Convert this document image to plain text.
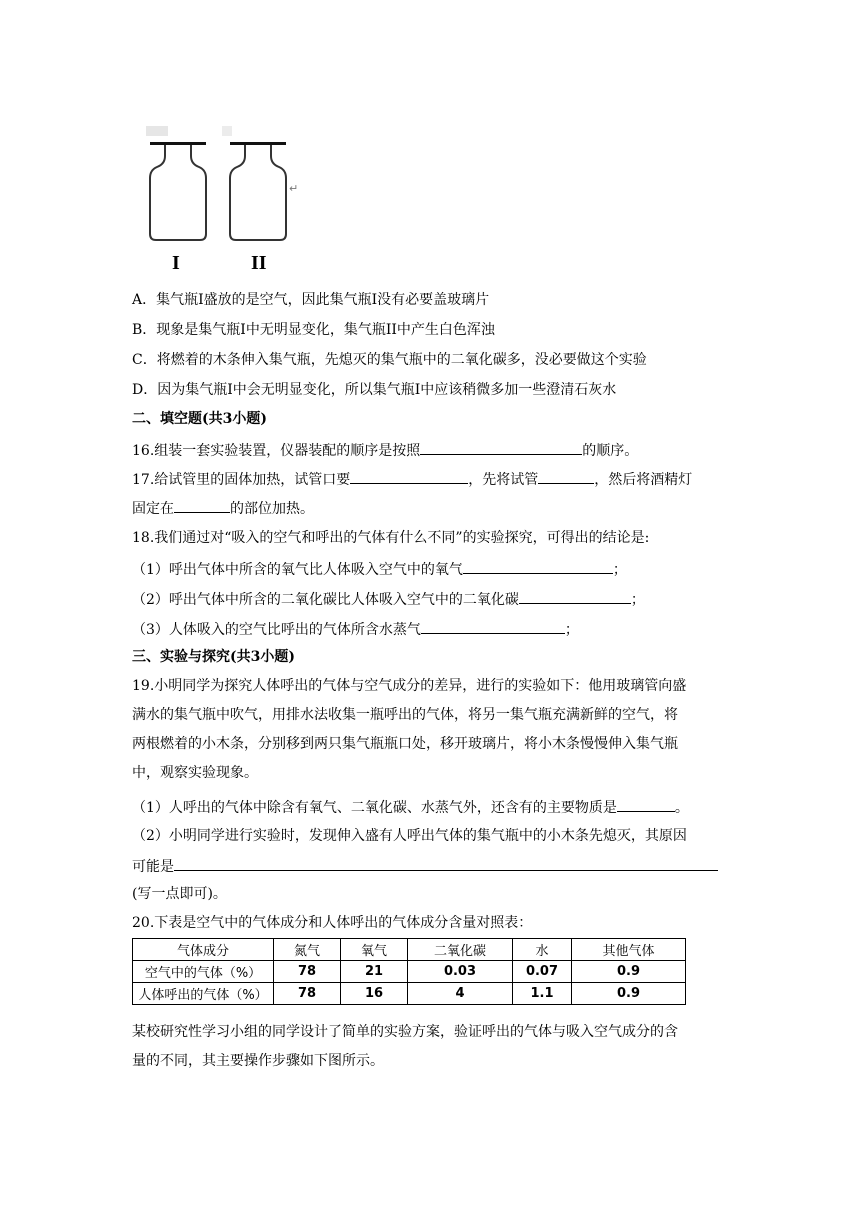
↵
I	II
A．集气瓶I盛放的是空气，因此集气瓶I没有必要盖玻璃片
B．现象是集气瓶I中无明显变化，集气瓶II中产生白色浑浊
C．将燃着的木条伸入集气瓶，先熄灭的集气瓶中的二氧化碳多，没必要做这个实验
D．因为集气瓶I中会无明显变化，所以集气瓶I中应该稍微多加一些澄清石灰水
二、填空题(共3小题)
16.组装一套实验装置，仪器装配的顺序是按照	的顺序。
17.给试管里的固体加热，试管口要	，先将试管	，然后将酒精灯
固定在	的部位加热。
18.我们通过对“吸入的空气和呼出的气体有什么不同”的实验探究，可得出的结论是:
（1）呼出气体中所含的氧气比人体吸入空气中的氧气	；
（2）呼出气体中所含的二氧化碳比人体吸入空气中的二氧化碳	；
（3）人体吸入的空气比呼出的气体所含水蒸气	；
三、实验与探究(共3小题)
19.小明同学为探究人体呼出的气体与空气成分的差异，进行的实验如下：他用玻璃管向盛
满水的集气瓶中吹气，用排水法收集一瓶呼出的气体，将另一集气瓶充满新鲜的空气，将
两根燃着的小木条，分别移到两只集气瓶瓶口处，移开玻璃片，将小木条慢慢伸入集气瓶
中，观察实验现象。
（1）人呼出的气体中除含有氧气、二氧化碳、水蒸气外，还含有的主要物质是	。
（2）小明同学进行实验时，发现伸入盛有人呼出气体的集气瓶中的小木条先熄灭，其原因
可能是
(写一点即可)。
20.下表是空气中的气体成分和人体呼出的气体成分含量对照表：
气体成分	氮气	氧气	二氧化碳	水	其他气体
空气中的气体（%）	78	21	0.03	0.07	0.9
人体呼出的气体（%）	78	16	4	1.1	0.9
某校研究性学习小组的同学设计了简单的实验方案，验证呼出的气体与吸入空气成分的含
量的不同，其主要操作步骤如下图所示。
